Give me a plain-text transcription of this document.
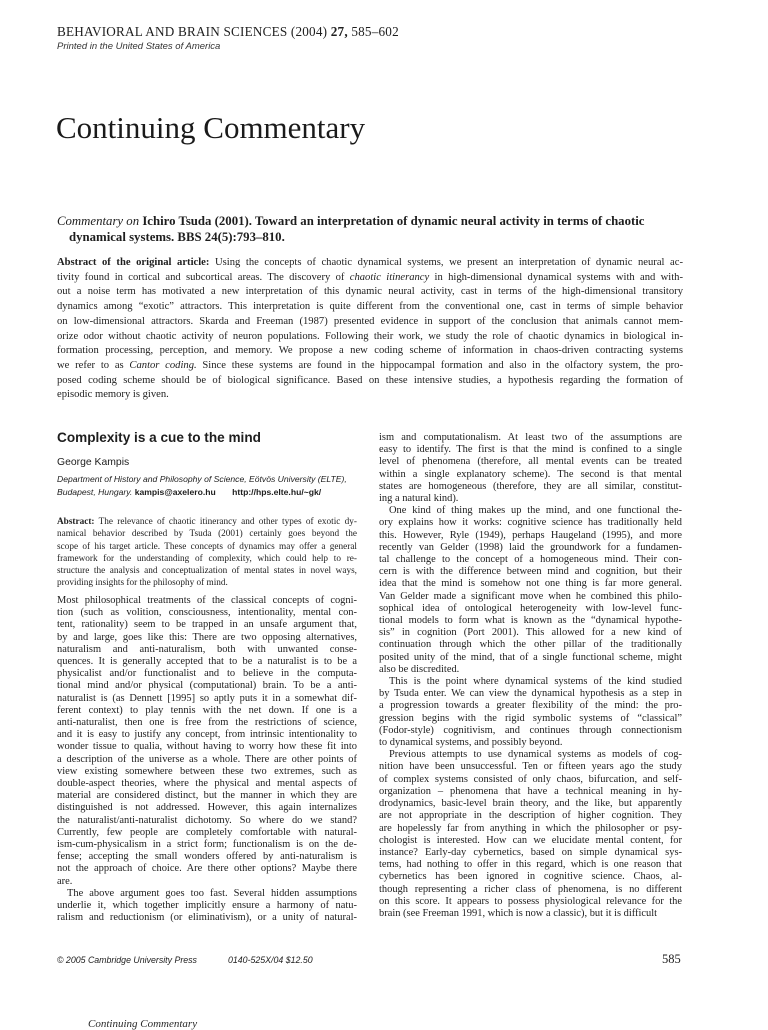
BEHAVIORAL AND BRAIN SCIENCES (2004) 27, 585–602
Printed in the United States of America
Continuing Commentary

Commentary on Ichiro Tsuda (2001). Toward an interpretation of dynamic neural activity in terms of chaotic
dynamical systems. BBS 24(5):793–810.

Abstract of the original article: Using the concepts of chaotic dynamical systems, we present an interpretation of dynamic neural ac-
tivity found in cortical and subcortical areas. The discovery of chaotic itinerancy in high-dimensional dynamical systems with and with-
out a noise term has motivated a new interpretation of this dynamic neural activity, cast in terms of the high-dimensional transitory
dynamics among “exotic” attractors. This interpretation is quite different from the conventional one, cast in terms of simple behavior
on low-dimensional attractors. Skarda and Freeman (1987) presented evidence in support of the conclusion that animals cannot mem-
orize odor without chaotic activity of neuron populations. Following their work, we study the role of chaotic dynamics in biological in-
formation processing, perception, and memory. We propose a new coding scheme of information in chaos-driven contracting systems
we refer to as Cantor coding. Since these systems are found in the hippocampal formation and also in the olfactory system, the pro-
posed coding scheme should be of biological significance. Based on these intensive studies, a hypothesis regarding the formation of
episodic memory is given.
Complexity is a cue to the mind
George Kampis
Department of History and Philosophy of Science, Eötvös University (ELTE),
Budapest, Hungary. kampis@axelero.hu http://hps.elte.hu/~gk/
Abstract: The relevance of chaotic itinerancy and other types of exotic dy-
namical behavior described by Tsuda (2001) certainly goes beyond the
scope of his target article. These concepts of dynamics may offer a general
framework for the understanding of complexity, which could help to re-
structure the analysis and conceptualization of mental states in novel ways,
providing insights for the philosophy of mind.
Most philosophical treatments of the classical concepts of cogni-
tion (such as volition, consciousness, intentionality, mental con-
tent, rationality) seem to be trapped in an unsafe argument that,
by and large, goes like this: There are two opposing alternatives,
naturalism and anti-naturalism, both with unwanted conse-
quences. It is generally accepted that to be a naturalist is to be a
physicalist and/or functionalist and to believe in the computa-
tional mind and/or physical (computational) brain. To be a anti-
naturalist is (as Dennett [1995] so aptly puts it in a somewhat dif-
ferent context) to play tennis with the net down. If one is a
anti-naturalist, then one is free from the restrictions of science,
and it is easy to justify any concept, from intrinsic intentionality to
wonder tissue to qualia, without having to worry how these fit into
a description of the universe as a whole. There are other points of
view existing somewhere between these two extremes, such as
double-aspect theories, where the physical and mental aspects of
material are considered distinct, but the manner in which they are
distinguished is not addressed. However, this again internalizes
the naturalist/anti-naturalist dichotomy. So where do we stand?
Currently, few people are completely comfortable with natural-
ism-cum-physicalism in a strict form; functionalism is on the de-
fense; accepting the small wonders offered by anti-naturalism is
not the approach of choice. Are there other options? Maybe there
are.
The above argument goes too fast. Several hidden assumptions
underlie it, which together implicitly ensure a harmony of natu-
ralism and reductionism (or eliminativism), or a unity of natural-
ism and computationalism. At least two of the assumptions are
easy to identify. The first is that the mind is confined to a single
level of phenomena (therefore, all mental events can be treated
within a single explanatory scheme). The second is that mental
states are homogeneous (therefore, they are all similar, constitut-
ing a natural kind).
One kind of thing makes up the mind, and one functional the-
ory explains how it works: cognitive science has traditionally held
this. However, Ryle (1949), perhaps Haugeland (1995), and more
recently van Gelder (1998) laid the groundwork for a fundamen-
tal challenge to the concept of a homogeneous mind. Their con-
cern is with the difference between mind and cognition, but their
idea that the mind is somehow not one thing is far more general.
Van Gelder made a significant move when he combined this philo-
sophical idea of ontological heterogeneity with low-level func-
tional models to form what is known as the “dynamical hypothe-
sis” in cognition (Port 2001). This allowed for a new kind of
continuation through which the other pillar of the traditionally
posited unity of the mind, that of a single functional scheme, might
also be discredited.
This is the point where dynamical systems of the kind studied
by Tsuda enter. We can view the dynamical hypothesis as a step in
a progression towards a greater flexibility of the mind: the pro-
gression begins with the rigid symbolic systems of “classical”
(Fodor-style) cognitivism, and continues through connectionism
to dynamical systems, and possibly beyond.
Previous attempts to use dynamical systems as models of cog-
nition have been unsuccessful. Ten or fifteen years ago the study
of complex systems consisted of only chaos, bifurcation, and self-
organization – phenomena that have a technical meaning in hy-
drodynamics, basic-level brain theory, and the like, but apparently
are not appropriate in the description of higher cognition. They
are hopelessly far from anything in which the philosopher or psy-
chologist is interested. How can we elucidate mental content, for
instance? Early-day cybernetics, based on simple dynamical sys-
tems, had nothing to offer in this regard, which is one reason that
cybernetics has been ignored in cognitive science. Chaos, al-
though representing a richer class of phenomena, is no different
on this score. It appears to possess physiological relevance for the
brain (see Freeman 1991, which is now a classic), but it is difficult
© 2005 Cambridge University Press	0140-525X/04 $12.50	585
Continuing Commentary
